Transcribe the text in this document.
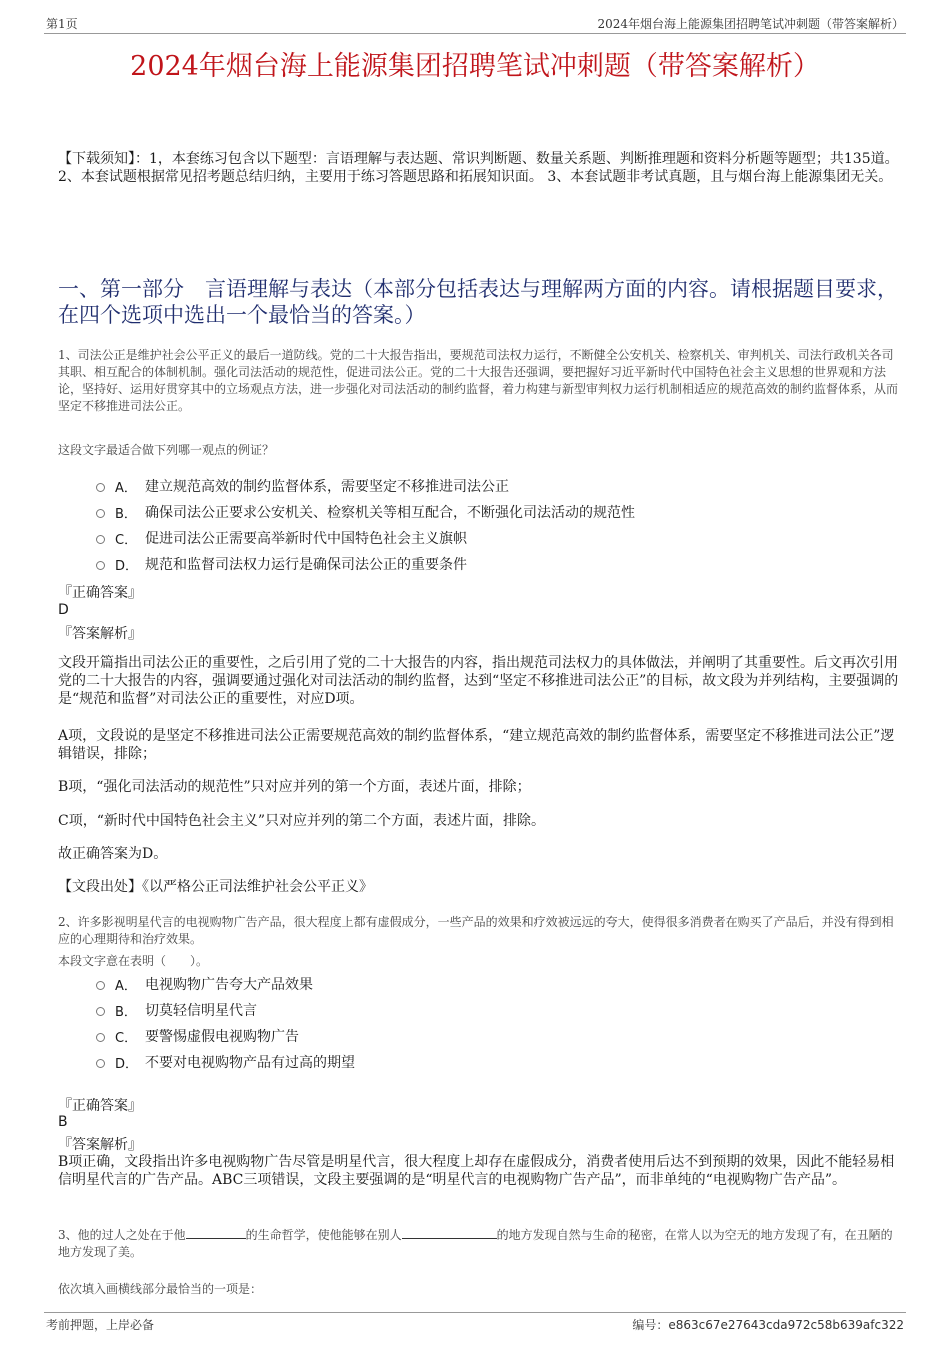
第1页	2024年烟台海上能源集团招聘笔试冲刺题（带答案解析）
2024年烟台海上能源集团招聘笔试冲刺题（带答案解析）
【下载须知】：1，本套练习包含以下题型：言语理解与表达题、常识判断题、数量关系题、判断推理题和资料分析题等题型；共135道。 2、本套试题根据常见招考题总结归纳，主要用于练习答题思路和拓展知识面。 3、本套试题非考试真题，且与烟台海上能源集团无关。
一、第一部分　言语理解与表达（本部分包括表达与理解两方面的内容。请根据题目要求，在四个选项中选出一个最恰当的答案。）
1、司法公正是维护社会公平正义的最后一道防线。党的二十大报告指出，要规范司法权力运行，不断健全公安机关、检察机关、审判机关、司法行政机关各司其职、相互配合的体制机制。强化司法活动的规范性，促进司法公正。党的二十大报告还强调，要把握好习近平新时代中国特色社会主义思想的世界观和方法论，坚持好、运用好贯穿其中的立场观点方法，进一步强化对司法活动的制约监督，着力构建与新型审判权力运行机制相适应的规范高效的制约监督体系，从而坚定不移推进司法公正。
这段文字最适合做下列哪一观点的例证？
A． 建立规范高效的制约监督体系，需要坚定不移推进司法公正
B． 确保司法公正要求公安机关、检察机关等相互配合，不断强化司法活动的规范性
C． 促进司法公正需要高举新时代中国特色社会主义旗帜
D． 规范和监督司法权力运行是确保司法公正的重要条件
『正确答案』
D
『答案解析』
文段开篇指出司法公正的重要性，之后引用了党的二十大报告的内容，指出规范司法权力的具体做法，并阐明了其重要性。后文再次引用党的二十大报告的内容，强调要通过强化对司法活动的制约监督，达到“坚定不移推进司法公正”的目标，故文段为并列结构，主要强调的是“规范和监督”对司法公正的重要性，对应D项。
A项，文段说的是坚定不移推进司法公正需要规范高效的制约监督体系，“建立规范高效的制约监督体系，需要坚定不移推进司法公正”逻辑错误，排除；
B项，“强化司法活动的规范性”只对应并列的第一个方面，表述片面，排除；
C项，“新时代中国特色社会主义”只对应并列的第二个方面，表述片面，排除。
故正确答案为D。
【文段出处】《以严格公正司法维护社会公平正义》
2、许多影视明星代言的电视购物广告产品，很大程度上都有虚假成分，一些产品的效果和疗效被远远的夸大，使得很多消费者在购买了产品后，并没有得到相应的心理期待和治疗效果。
本段文字意在表明（　　）。
A． 电视购物广告夸大产品效果
B． 切莫轻信明星代言
C． 要警惕虚假电视购物广告
D． 不要对电视购物产品有过高的期望
『正确答案』
B
『答案解析』
B项正确，文段指出许多电视购物广告尽管是明星代言，很大程度上却存在虚假成分，消费者使用后达不到预期的效果，因此不能轻易相信明星代言的广告产品。ABC三项错误，文段主要强调的是“明星代言的电视购物广告产品”，而非单纯的“电视购物广告产品”。
3、他的过人之处在于他	的生命哲学，使他能够在别人	的地方发现自然与生命的秘密，在常人以为空无的地方发现了有，在丑陋的地方发现了美。
依次填入画横线部分最恰当的一项是：
考前押题，上岸必备	编号：e863c67e27643cda972c58b639afc322
